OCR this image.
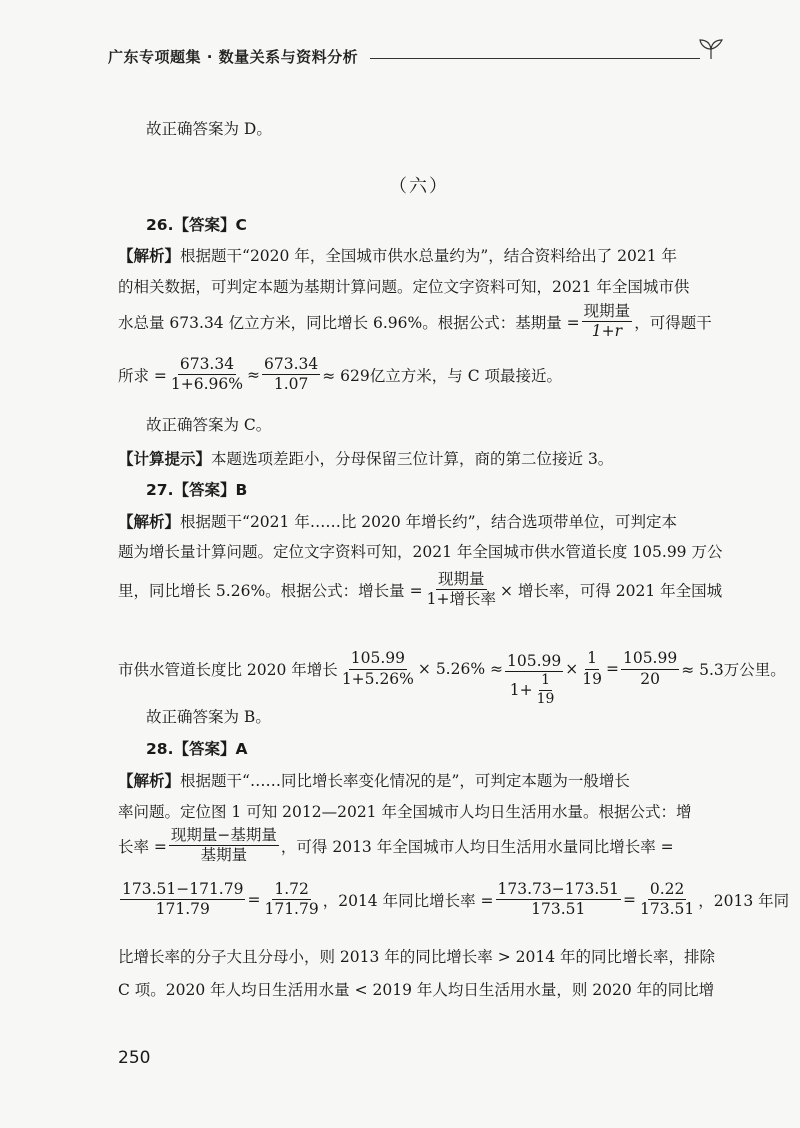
广东专项题集 · 数量关系与资料分析
故正确答案为 D。
（六）
26.【答案】C
【解析】根据题干“2020 年，全国城市供水总量约为”，结合资料给出了 2021 年
的相关数据，可判定本题为基期计算问题。定位文字资料可知，2021 年全国城市供
水总量 673.34 亿立方米，同比增长 6.96%。根据公式：基期量 = $\frac{\text{现期量}}{1+r}$ ，可得题干
所求 = $\frac{673.34}{1+6.96\%} \approx \frac{673.34}{1.07} \approx 629$亿立方米，与 C 项最接近。
故正确答案为 C。
【计算提示】本题选项差距小，分母保留三位计算，商的第二位接近 3。
27.【答案】B
【解析】根据题干“2021 年……比 2020 年增长约”，结合选项带单位，可判定本
题为增长量计算问题。定位文字资料可知，2021 年全国城市供水管道长度 105.99 万公
里，同比增长 5.26%。根据公式：增长量 = $\frac{\text{现期量}}{\text{1+增长率}}$ × 增长率，可得 2021 年全国城
市供水管道长度比 2020 年增长 $\frac{105.99}{1+5.26\%} \times 5.26\% \approx \frac{105.99}{1+ \frac{1}{19}} \times \frac{1}{19} = \frac{105.99}{20} \approx 5.3$万公里。
故正确答案为 B。
28.【答案】A
【解析】根据题干“……同比增长率变化情况的是”，可判定本题为一般增长
率问题。定位图 1 可知 2012—2021 年全国城市人均日生活用水量。根据公式：增
长率 = $\frac{\text{现期量−基期量}}{\text{基期量}}$ ，可得 2013 年全国城市人均日生活用水量同比增长率 =
$\frac{173.51-171.79}{171.79} = \frac{1.72}{171.79}$ ，2014 年同比增长率 = $\frac{173.73-173.51}{173.51} = \frac{0.22}{173.51}$ ，2013 年同
比增长率的分子大且分母小，则 2013 年的同比增长率 > 2014 年的同比增长率，排除
C 项。2020 年人均日生活用水量 < 2019 年人均日生活用水量，则 2020 年的同比增
250
